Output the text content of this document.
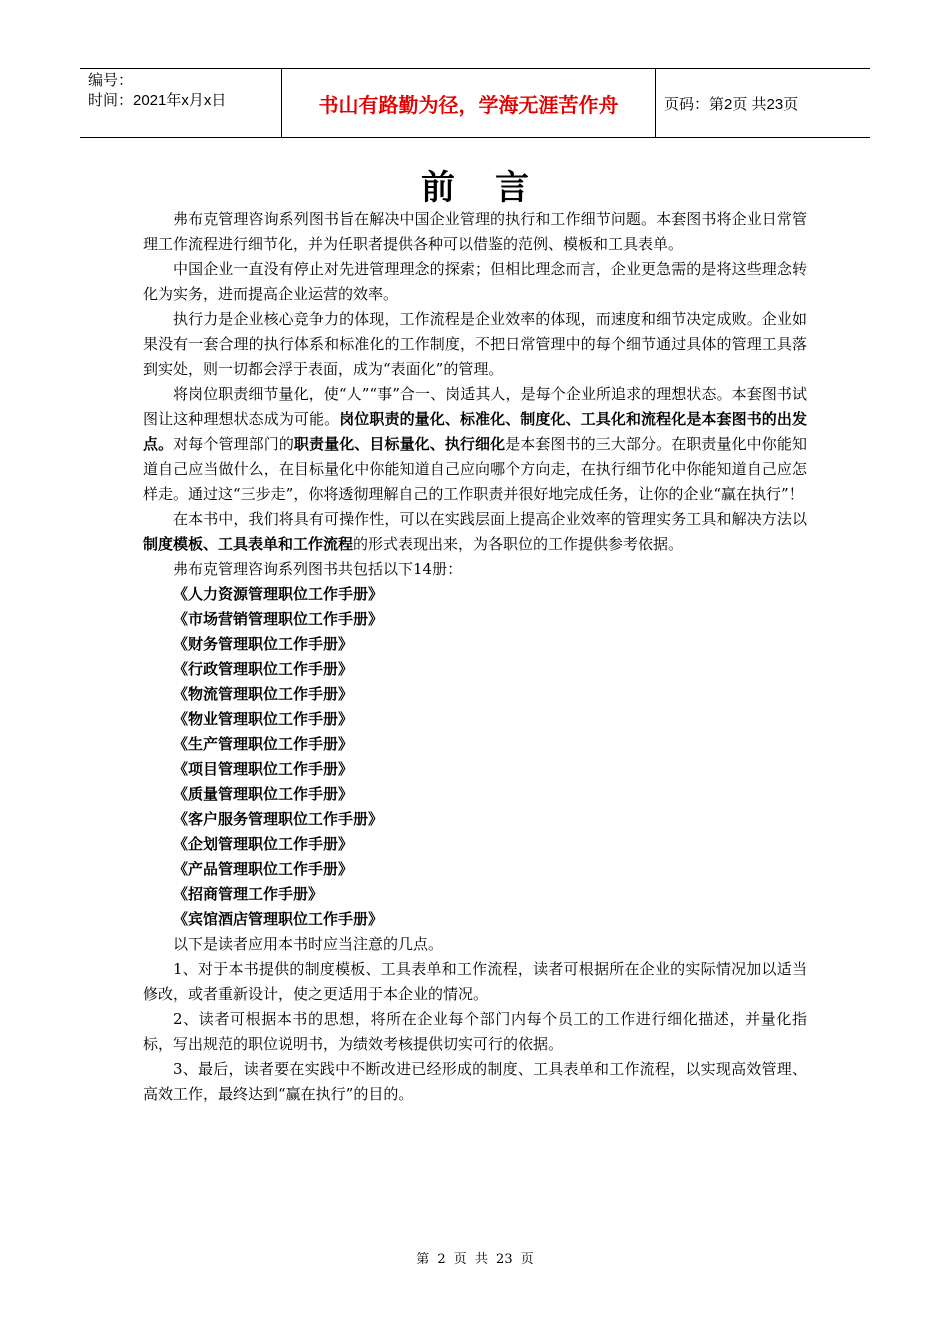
编号：
时间：2021年x月x日	书山有路勤为径，学海无涯苦作舟	页码：第2页 共23页
前言

弗布克管理咨询系列图书旨在解决中国企业管理的执行和工作细节问题。本套图书将企业日常管理工作流程进行细节化，并为任职者提供各种可以借鉴的范例、模板和工具表单。

中国企业一直没有停止对先进管理理念的探索；但相比理念而言，企业更急需的是将这些理念转化为实务，进而提高企业运营的效率。

执行力是企业核心竞争力的体现，工作流程是企业效率的体现，而速度和细节决定成败。企业如果没有一套合理的执行体系和标准化的工作制度，不把日常管理中的每个细节通过具体的管理工具落到实处，则一切都会浮于表面，成为“表面化”的管理。

将岗位职责细节量化，使“人”“事”合一、岗适其人，是每个企业所追求的理想状态。本套图书试图让这种理想状态成为可能。岗位职责的量化、标准化、制度化、工具化和流程化是本套图书的出发点。对每个管理部门的职责量化、目标量化、执行细化是本套图书的三大部分。在职责量化中你能知道自己应当做什么，在目标量化中你能知道自己应向哪个方向走，在执行细节化中你能知道自己应怎样走。通过这“三步走”，你将透彻理解自己的工作职责并很好地完成任务，让你的企业“赢在执行”！

在本书中，我们将具有可操作性，可以在实践层面上提高企业效率的管理实务工具和解决方法以制度模板、工具表单和工作流程的形式表现出来，为各职位的工作提供参考依据。

弗布克管理咨询系列图书共包括以下14册：

《人力资源管理职位工作手册》

《市场营销管理职位工作手册》

《财务管理职位工作手册》

《行政管理职位工作手册》

《物流管理职位工作手册》

《物业管理职位工作手册》

《生产管理职位工作手册》

《项目管理职位工作手册》

《质量管理职位工作手册》

《客户服务管理职位工作手册》

《企划管理职位工作手册》

《产品管理职位工作手册》

《招商管理工作手册》

《宾馆酒店管理职位工作手册》

以下是读者应用本书时应当注意的几点。

1、对于本书提供的制度模板、工具表单和工作流程，读者可根据所在企业的实际情况加以适当修改，或者重新设计，使之更适用于本企业的情况。

2、读者可根据本书的思想，将所在企业每个部门内每个员工的工作进行细化描述，并量化指标，写出规范的职位说明书，为绩效考核提供切实可行的依据。

3、最后，读者要在实践中不断改进已经形成的制度、工具表单和工作流程，以实现高效管理、高效工作，最终达到“赢在执行”的目的。

第 2 页 共 23 页
